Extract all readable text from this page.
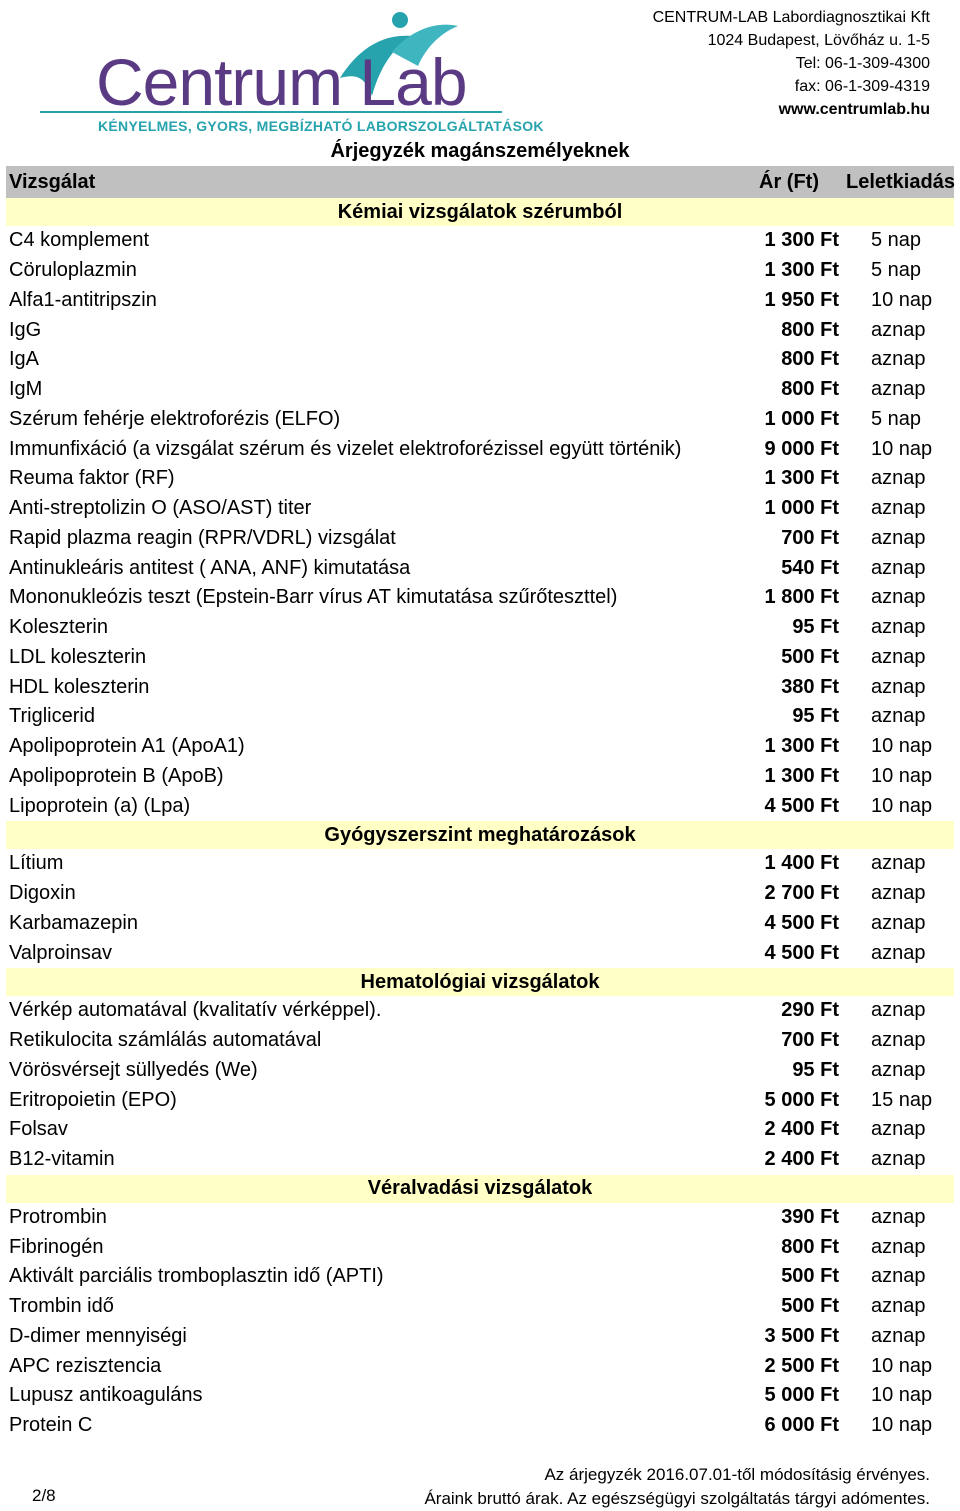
Centrum Lab
KÉNYELMES, GYORS, MEGBÍZHATÓ LABORSZOLGÁLTATÁSOK
CENTRUM-LAB Labordiagnosztikai Kft
1024 Budapest, Lövőház u. 1-5
Tel: 06-1-309-4300
fax: 06-1-309-4319
www.centrumlab.hu
Árjegyzék magánszemélyeknek
Vizsgálat	Ár (Ft)	Leletkiadás
Kémiai vizsgálatok szérumból
C4 komplement	1 300 Ft	5 nap
Cöruloplazmin	1 300 Ft	5 nap
Alfa1-antitripszin	1 950 Ft	10 nap
IgG	800 Ft	aznap
IgA	800 Ft	aznap
IgM	800 Ft	aznap
Szérum fehérje elektroforézis (ELFO)	1 000 Ft	5 nap
Immunfixáció (a vizsgálat szérum és vizelet elektroforézissel együtt történik)	9 000 Ft	10 nap
Reuma faktor (RF)	1 300 Ft	aznap
Anti-streptolizin O (ASO/AST) titer	1 000 Ft	aznap
Rapid plazma reagin (RPR/VDRL) vizsgálat	700 Ft	aznap
Antinukleáris antitest ( ANA, ANF) kimutatása	540 Ft	aznap
Mononukleózis teszt (Epstein-Barr vírus AT kimutatása szűrőteszttel)	1 800 Ft	aznap
Koleszterin	95 Ft	aznap
LDL koleszterin	500 Ft	aznap
HDL koleszterin	380 Ft	aznap
Triglicerid	95 Ft	aznap
Apolipoprotein A1 (ApoA1)	1 300 Ft	10 nap
Apolipoprotein B (ApoB)	1 300 Ft	10 nap
Lipoprotein (a) (Lpa)	4 500 Ft	10 nap
Gyógyszerszint meghatározások
Lítium	1 400 Ft	aznap
Digoxin	2 700 Ft	aznap
Karbamazepin	4 500 Ft	aznap
Valproinsav	4 500 Ft	aznap
Hematológiai vizsgálatok
Vérkép automatával (kvalitatív vérképpel).	290 Ft	aznap
Retikulocita számlálás automatával	700 Ft	aznap
Vörösvérsejt süllyedés (We)	95 Ft	aznap
Eritropoietin (EPO)	5 000 Ft	15 nap
Folsav	2 400 Ft	aznap
B12-vitamin	2 400 Ft	aznap
Véralvadási vizsgálatok
Protrombin	390 Ft	aznap
Fibrinogén	800 Ft	aznap
Aktivált parciális tromboplasztin idő (APTI)	500 Ft	aznap
Trombin idő	500 Ft	aznap
D-dimer mennyiségi	3 500 Ft	aznap
APC rezisztencia	2 500 Ft	10 nap
Lupusz antikoaguláns	5 000 Ft	10 nap
Protein C	6 000 Ft	10 nap
2/8
Az árjegyzék 2016.07.01-től módosításig érvényes.
Áraink bruttó árak. Az egészségügyi szolgáltatás tárgyi adómentes.
